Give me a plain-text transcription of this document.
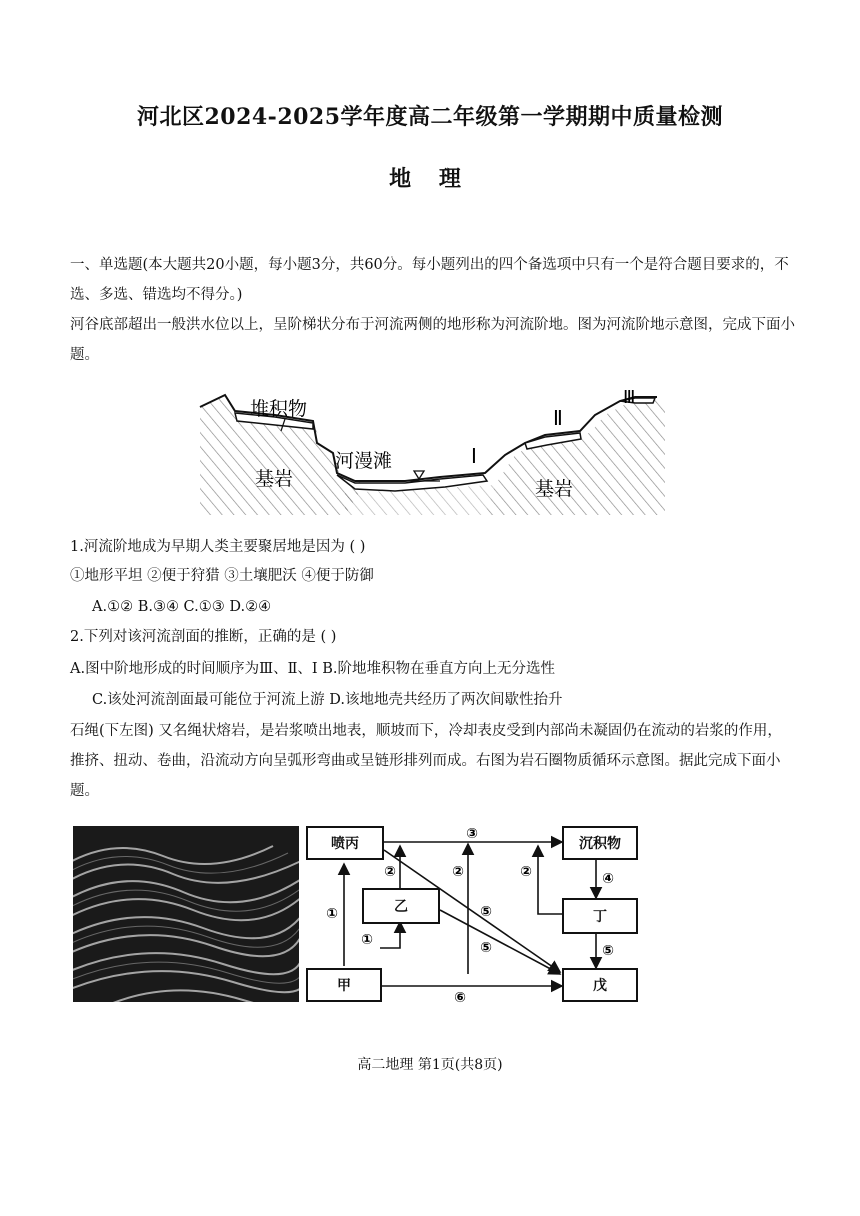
河北区2024-2025学年度高二年级第一学期期中质量检测
地 理
一、单选题(本大题共20小题，每小题3分，共60分。每小题列出的四个备选项中只有一个是符合题目要求的，不选、多选、错选均不得分。)
河谷底部超出一般洪水位以上，呈阶梯状分布于河流两侧的地形称为河流阶地。图为河流阶地示意图，完成下面小题。
堆积物
基岩
河漫滩	I
Ⅱ
Ⅲ
基岩
1.河流阶地成为早期人类主要聚居地是因为 ( )
①地形平坦 ②便于狩猎 ③土壤肥沃 ④便于防御
A.①② B.③④ C.①③ D.②④
2.下列对该河流剖面的推断，正确的是 ( )
A.图中阶地形成的时间顺序为Ⅲ、Ⅱ、Ⅰ B.阶地堆积物在垂直方向上无分选性
C.该处河流剖面最可能位于河流上游 D.该地地壳共经历了两次间歇性抬升
石绳(下左图) 又名绳状熔岩，是岩浆喷出地表，顺坡而下，冷却表皮受到内部尚未凝固仍在流动的岩浆的作用，推挤、扭动、卷曲，沿流动方向呈弧形弯曲或呈链形排列而成。右图为岩石圈物质循环示意图。据此完成下面小题。
①
①
②	②	②
③
④
⑤
⑤	⑤
⑥
喷丙
乙
甲
沉积物
丁
戊
高二地理 第1页(共8页)
